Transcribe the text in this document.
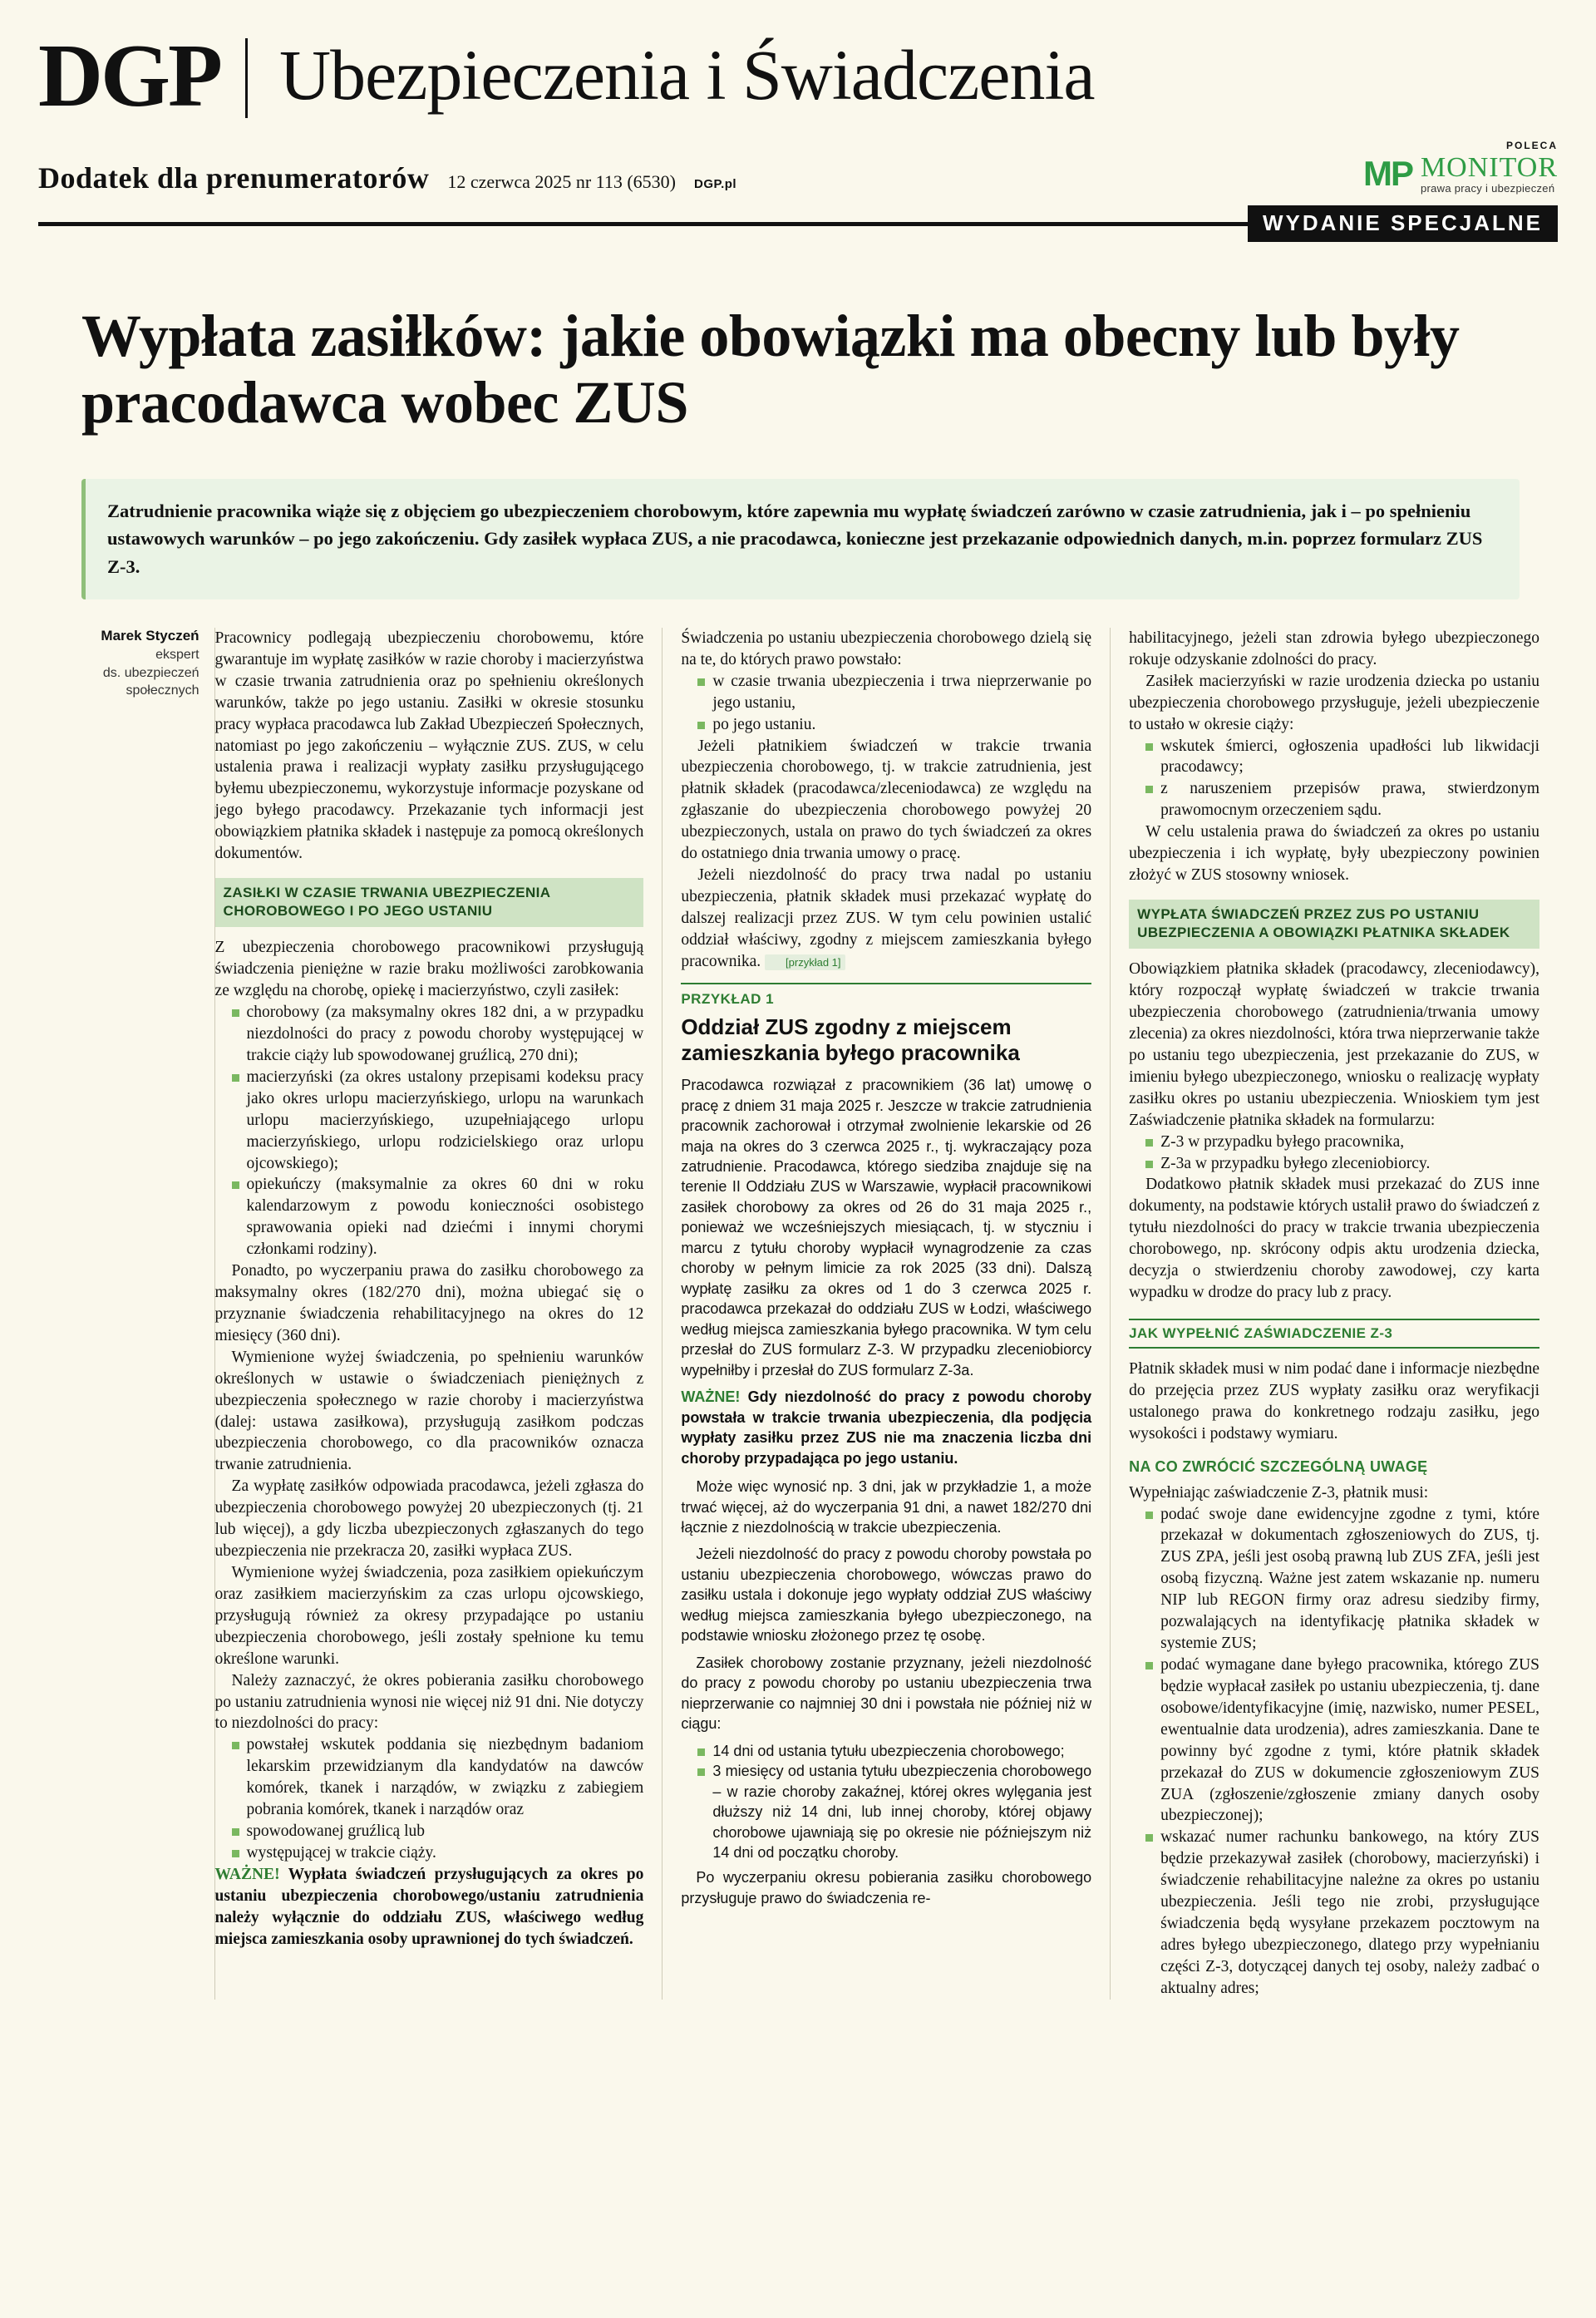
DGP Ubezpieczenia i Świadczenia
Dodatek dla prenumeratorów 12 czerwca 2025 nr 113 (6530) DGP.pl
POLECA
MP MONITOR
prawa pracy i ubezpieczeń
WYDANIE SPECJALNE
Wypłata zasiłków: jakie obowiązki ma obecny lub były pracodawca wobec ZUS

Zatrudnienie pracownika wiąże się z objęciem go ubezpieczeniem chorobowym, które zapewnia mu wypłatę świadczeń zarówno w czasie zatrudnienia, jak i – po spełnieniu ustawowych warunków – po jego zakończeniu. Gdy zasiłek wypłaca ZUS, a nie pracodawca, konieczne jest przekazanie odpowiednich danych, m.in. poprzez formularz ZUS Z-3.

Marek Styczeń
ekspert
ds. ubezpieczeń
społecznych

Pracownicy podlegają ubezpieczeniu chorobowemu, które gwarantuje im wypłatę zasiłków w razie choroby i macierzyństwa w czasie trwania zatrudnienia oraz po spełnieniu określonych warunków, także po jego ustaniu. Zasiłki w okresie stosunku pracy wypłaca pracodawca lub Zakład Ubezpieczeń Społecznych, natomiast po jego zakończeniu – wyłącznie ZUS. ZUS, w celu ustalenia prawa i realizacji wypłaty zasiłku przysługującego byłemu ubezpieczonemu, wykorzystuje informacje pozyskane od jego byłego pracodawcy. Przekazanie tych informacji jest obowiązkiem płatnika składek i następuje za pomocą określonych dokumentów.

ZASIŁKI W CZASIE TRWANIA UBEZPIECZENIA CHOROBOWEGO I PO JEGO USTANIU

Z ubezpieczenia chorobowego pracownikowi przysługują świadczenia pieniężne w razie braku możliwości zarobkowania ze względu na chorobę, opiekę i macierzyństwo, czyli zasiłek:

chorobowy (za maksymalny okres 182 dni, a w przypadku niezdolności do pracy z powodu choroby występującej w trakcie ciąży lub spowodowanej gruźlicą, 270 dni);
macierzyński (za okres ustalony przepisami kodeksu pracy jako okres urlopu macierzyńskiego, urlopu na warunkach urlopu macierzyńskiego, uzupełniającego urlopu macierzyńskiego, urlopu rodzicielskiego oraz urlopu ojcowskiego);
opiekuńczy (maksymalnie za okres 60 dni w roku kalendarzowym z powodu konieczności osobistego sprawowania opieki nad dziećmi i innymi chorymi członkami rodziny).

Ponadto, po wyczerpaniu prawa do zasiłku chorobowego za maksymalny okres (182/270 dni), można ubiegać się o przyznanie świadczenia rehabilitacyjnego na okres do 12 miesięcy (360 dni).

Wymienione wyżej świadczenia, po spełnieniu warunków określonych w ustawie o świadczeniach pieniężnych z ubezpieczenia społecznego w razie choroby i macierzyństwa (dalej: ustawa zasiłkowa), przysługują zasiłkom podczas ubezpieczenia chorobowego, co dla pracowników oznacza trwanie zatrudnienia.

Za wypłatę zasiłków odpowiada pracodawca, jeżeli zgłasza do ubezpieczenia chorobowego powyżej 20 ubezpieczonych (tj. 21 lub więcej), a gdy liczba ubezpieczonych zgłaszanych do tego ubezpieczenia nie przekracza 20, zasiłki wypłaca ZUS.

Wymienione wyżej świadczenia, poza zasiłkiem opiekuńczym oraz zasiłkiem macierzyńskim za czas urlopu ojcowskiego, przysługują również za okresy przypadające po ustaniu ubezpieczenia chorobowego, jeśli zostały spełnione ku temu określone warunki.

Należy zaznaczyć, że okres pobierania zasiłku chorobowego po ustaniu zatrudnienia wynosi nie więcej niż 91 dni. Nie dotyczy to niezdolności do pracy:

powstałej wskutek poddania się niezbędnym badaniom lekarskim przewidzianym dla kandydatów na dawców komórek, tkanek i narządów, w związku z zabiegiem pobrania komórek, tkanek i narządów oraz
spowodowanej gruźlicą lub
występującej w trakcie ciąży.

WAŻNE! Wypłata świadczeń przysługujących za okres po ustaniu ubezpieczenia chorobowego/ustaniu zatrudnienia należy wyłącznie do oddziału ZUS, właściwego według miejsca zamieszkania osoby uprawnionej do tych świadczeń.

Świadczenia po ustaniu ubezpieczenia chorobowego dzielą się na te, do których prawo powstało:

w czasie trwania ubezpieczenia i trwa nieprzerwanie po jego ustaniu,
po jego ustaniu.

Jeżeli płatnikiem świadczeń w trakcie trwania ubezpieczenia chorobowego, tj. w trakcie zatrudnienia, jest płatnik składek (pracodawca/zleceniodawca) ze względu na zgłaszanie do ubezpieczenia chorobowego powyżej 20 ubezpieczonych, ustala on prawo do tych świadczeń za okres do ostatniego dnia trwania umowy o pracę.

Jeżeli niezdolność do pracy trwa nadal po ustaniu ubezpieczenia, płatnik składek musi przekazać wypłatę do dalszej realizacji przez ZUS. W tym celu powinien ustalić oddział właściwy, zgodny z miejscem zamieszkania byłego pracownika. [przykład 1]

PRZYKŁAD 1
Oddział ZUS zgodny z miejscem zamieszkania byłego pracownika

Pracodawca rozwiązał z pracownikiem (36 lat) umowę o pracę z dniem 31 maja 2025 r. Jeszcze w trakcie zatrudnienia pracownik zachorował i otrzymał zwolnienie lekarskie od 26 maja na okres do 3 czerwca 2025 r., tj. wykraczający poza zatrudnienie. Pracodawca, którego siedziba znajduje się na terenie II Oddziału ZUS w Warszawie, wypłacił pracownikowi zasiłek chorobowy za okres od 26 do 31 maja 2025 r., ponieważ we wcześniejszych miesiącach, tj. w styczniu i marcu z tytułu choroby wypłacił wynagrodzenie za czas choroby w pełnym limicie za rok 2025 (33 dni). Dalszą wypłatę zasiłku za okres od 1 do 3 czerwca 2025 r. pracodawca przekazał do oddziału ZUS w Łodzi, właściwego według miejsca zamieszkania byłego pracownika. W tym celu przesłał do ZUS formularz Z-3. W przypadku zleceniobiorcy wypełniłby i przesłał do ZUS formularz Z-3a.

WAŻNE! Gdy niezdolność do pracy z powodu choroby powstała w trakcie trwania ubezpieczenia, dla podjęcia wypłaty zasiłku przez ZUS nie ma znaczenia liczba dni choroby przypadająca po jego ustaniu.

Może więc wynosić np. 3 dni, jak w przykładzie 1, a może trwać więcej, aż do wyczerpania 91 dni, a nawet 182/270 dni łącznie z niezdolnością w trakcie ubezpieczenia.

Jeżeli niezdolność do pracy z powodu choroby powstała po ustaniu ubezpieczenia chorobowego, wówczas prawo do zasiłku ustala i dokonuje jego wypłaty oddział ZUS właściwy według miejsca zamieszkania byłego ubezpieczonego, na podstawie wniosku złożonego przez tę osobę.

Zasiłek chorobowy zostanie przyznany, jeżeli niezdolność do pracy z powodu choroby po ustaniu ubezpieczenia trwa nieprzerwanie co najmniej 30 dni i powstała nie później niż w ciągu:

14 dni od ustania tytułu ubezpieczenia chorobowego;
3 miesięcy od ustania tytułu ubezpieczenia chorobowego – w razie choroby zakaźnej, której okres wylęgania jest dłuższy niż 14 dni, lub innej choroby, której objawy chorobowe ujawniają się po okresie nie późniejszym niż 14 dni od początku choroby.

Po wyczerpaniu okresu pobierania zasiłku chorobowego przysługuje prawo do świadczenia re-

habilitacyjnego, jeżeli stan zdrowia byłego ubezpieczonego rokuje odzyskanie zdolności do pracy.

Zasiłek macierzyński w razie urodzenia dziecka po ustaniu ubezpieczenia chorobowego przysługuje, jeżeli ubezpieczenie to ustało w okresie ciąży:

wskutek śmierci, ogłoszenia upadłości lub likwidacji pracodawcy;
z naruszeniem przepisów prawa, stwierdzonym prawomocnym orzeczeniem sądu.

W celu ustalenia prawa do świadczeń za okres po ustaniu ubezpieczenia i ich wypłatę, były ubezpieczony powinien złożyć w ZUS stosowny wniosek.

WYPŁATA ŚWIADCZEŃ PRZEZ ZUS PO USTANIU UBEZPIECZENIA A OBOWIĄZKI PŁATNIKA SKŁADEK

Obowiązkiem płatnika składek (pracodawcy, zleceniodawcy), który rozpoczął wypłatę świadczeń w trakcie trwania ubezpieczenia chorobowego (zatrudnienia/trwania umowy zlecenia) za okres niezdolności, która trwa nieprzerwanie także po ustaniu tego ubezpieczenia, jest przekazanie do ZUS, w imieniu byłego ubezpieczonego, wniosku o realizację wypłaty zasiłku okres po ustaniu ubezpieczenia. Wnioskiem tym jest Zaświadczenie płatnika składek na formularzu:

Z-3 w przypadku byłego pracownika,
Z-3a w przypadku byłego zleceniobiorcy.

Dodatkowo płatnik składek musi przekazać do ZUS inne dokumenty, na podstawie których ustalił prawo do świadczeń z tytułu niezdolności do pracy w trakcie trwania ubezpieczenia chorobowego, np. skrócony odpis aktu urodzenia dziecka, decyzja o stwierdzeniu choroby zawodowej, czy karta wypadku w drodze do pracy lub z pracy.

JAK WYPEŁNIĆ ZAŚWIADCZENIE Z-3

Płatnik składek musi w nim podać dane i informacje niezbędne do przejęcia przez ZUS wypłaty zasiłku oraz weryfikacji ustalonego prawa do konkretnego rodzaju zasiłku, jego wysokości i podstawy wymiaru.

NA CO ZWRÓCIĆ SZCZEGÓLNĄ UWAGĘ

Wypełniając zaświadczenie Z-3, płatnik musi:

podać swoje dane ewidencyjne zgodne z tymi, które przekazał w dokumentach zgłoszeniowych do ZUS, tj. ZUS ZPA, jeśli jest osobą prawną lub ZUS ZFA, jeśli jest osobą fizyczną. Ważne jest zatem wskazanie np. numeru NIP lub REGON firmy oraz adresu siedziby firmy, pozwalających na identyfikację płatnika składek w systemie ZUS;
podać wymagane dane byłego pracownika, którego ZUS będzie wypłacał zasiłek po ustaniu ubezpieczenia, tj. dane osobowe/identyfikacyjne (imię, nazwisko, numer PESEL, ewentualnie data urodzenia), adres zamieszkania. Dane te powinny być zgodne z tymi, które płatnik składek przekazał do ZUS w dokumencie zgłoszeniowym ZUS ZUA (zgłoszenie/zgłoszenie zmiany danych osoby ubezpieczonej);
wskazać numer rachunku bankowego, na który ZUS będzie przekazywał zasiłek (chorobowy, macierzyński) i świadczenie rehabilitacyjne należne za okres po ustaniu ubezpieczenia. Jeśli tego nie zrobi, przysługujące świadczenia będą wysyłane przekazem pocztowym na adres byłego ubezpieczonego, dlatego przy wypełnianiu części Z-3, dotyczącej danych tej osoby, należy zadbać o aktualny adres;
